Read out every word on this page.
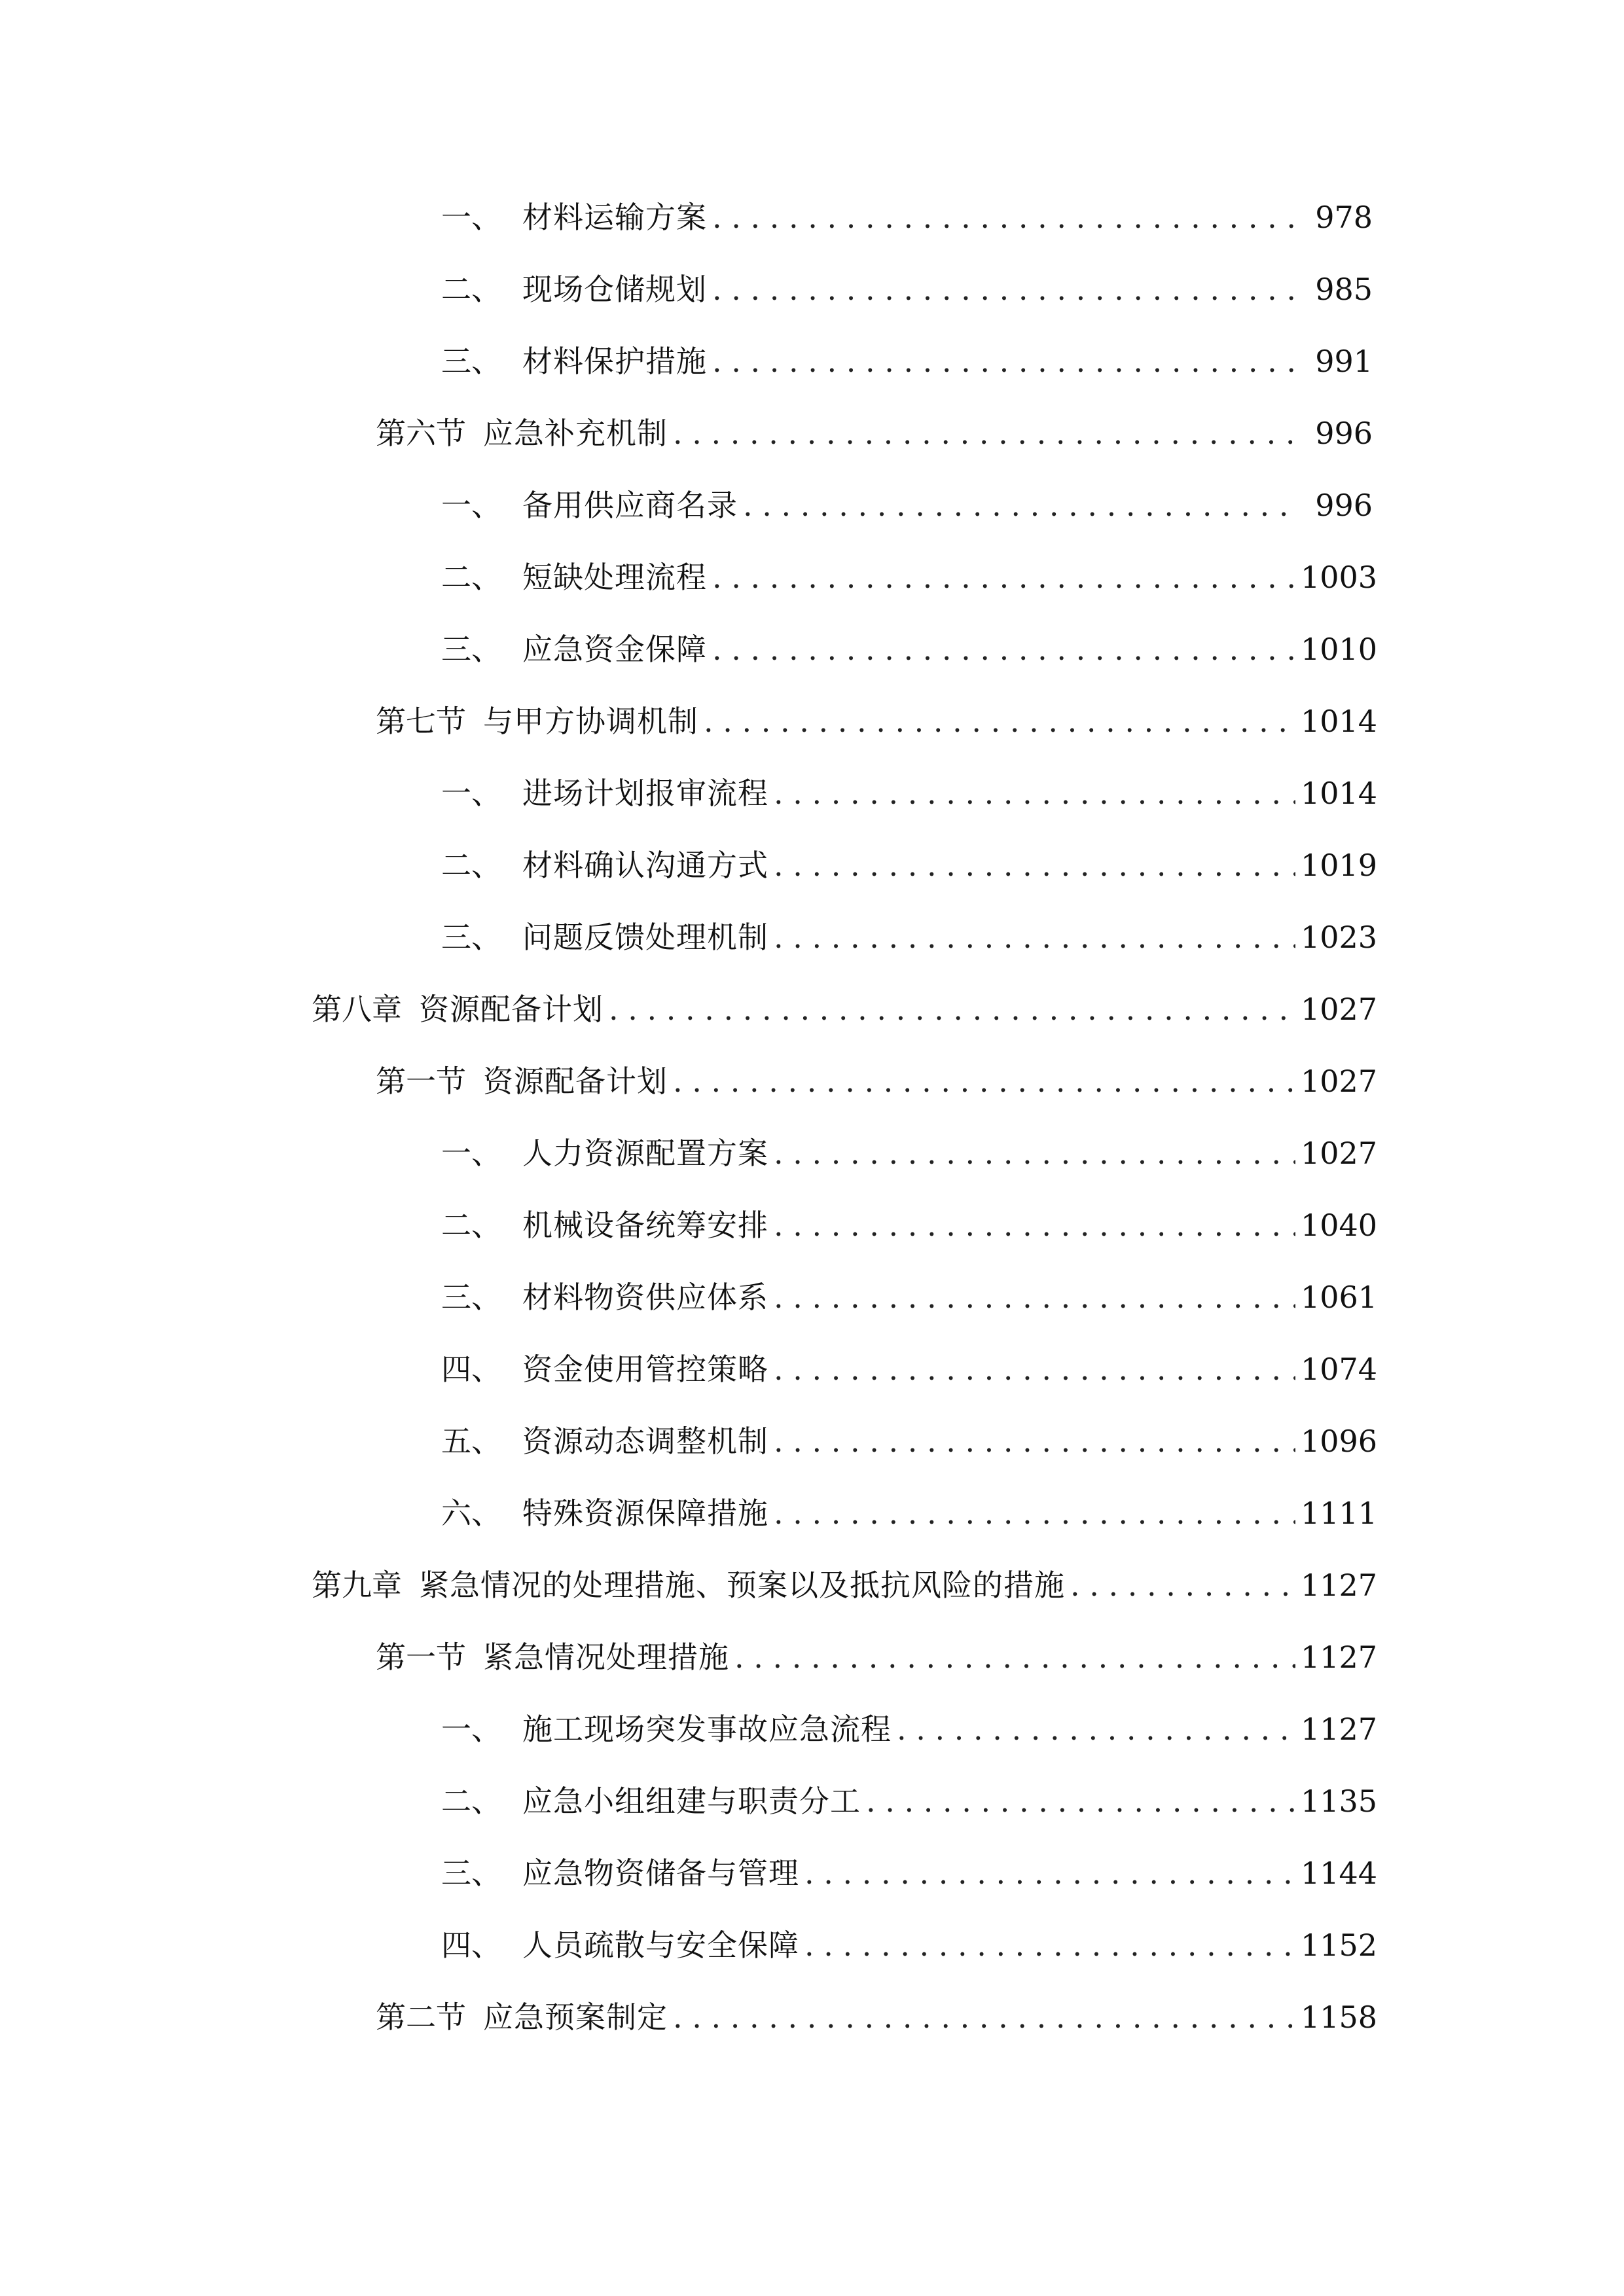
一、 材料运输方案 . . .	978
二、 现场仓储规划 . . .	985
三、 材料保护措施 . . .	991
第六节 应急补充机制 . . .	996
一、 备用供应商名录 . . .	996
二、 短缺处理流程 . . .	1003
三、 应急资金保障 . . .	1010
第七节 与甲方协调机制 . . .	1014
一、 进场计划报审流程 . . .	1014
二、 材料确认沟通方式 . . .	1019
三、 问题反馈处理机制 . . .	1023
第八章 资源配备计划 . . .	1027
第一节 资源配备计划 . . .	1027
一、 人力资源配置方案 . . .	1027
二、 机械设备统筹安排 . . .	1040
三、 材料物资供应体系 . . .	1061
四、 资金使用管控策略 . . .	1074
五、 资源动态调整机制 . . .	1096
六、 特殊资源保障措施 . . .	1111
第九章 紧急情况的处理措施、预案以及抵抗风险的措施 . . .	1127
第一节 紧急情况处理措施 . . .	1127
一、 施工现场突发事故应急流程 . . .	1127
二、 应急小组组建与职责分工 . . .	1135
三、 应急物资储备与管理 . . .	1144
四、 人员疏散与安全保障 . . .	1152
第二节 应急预案制定 . . .	1158
